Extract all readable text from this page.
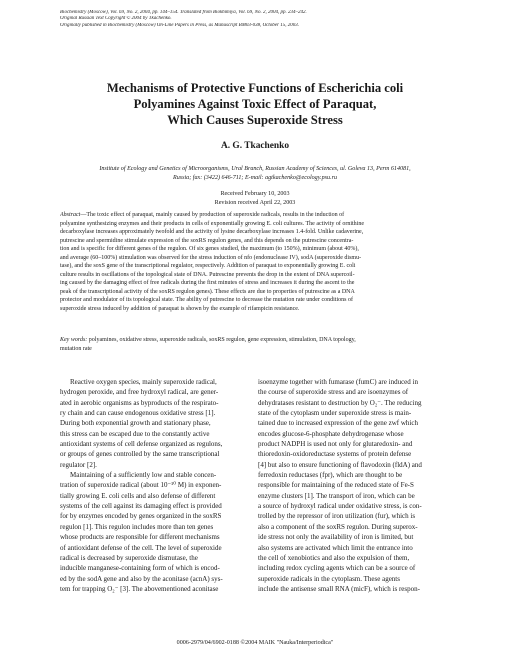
Biochemistry (Moscow), Vol. 69, No. 2, 2004, pp. 144–154. Translated from Biokhimiya, Vol. 69, No. 2, 2004, pp. 234–242.
Original Russian Text Copyright © 2004 by Tkachenko.
Originally published in Biochemistry (Moscow) On-Line Papers in Press, as Manuscript BM03-038, October 15, 2003.
Mechanisms of Protective Functions of Escherichia coli
Polyamines Against Toxic Effect of Paraquat,
Which Causes Superoxide Stress
A. G. Tkachenko
Institute of Ecology and Genetics of Microorganisms, Ural Branch, Russian Academy of Sciences, ul. Goleva 13, Perm 614081,
Russia; fax: (3422) 646-711; E-mail: agtkachenko@ecology.psu.ru
Received February 10, 2003
Revision received April 22, 2003
Abstract—The toxic effect of paraquat, mainly caused by production of superoxide radicals, results in the induction of
polyamine synthesizing enzymes and their products in cells of exponentially growing E. coli cultures. The activity of ornithine
decarboxylase increases approximately twofold and the activity of lysine decarboxylase increases 1.4-fold. Unlike cadaverine,
putrescine and spermidine stimulate expression of the soxRS regulon genes, and this depends on the putrescine concentra-
tion and is specific for different genes of the regulon. Of six genes studied, the maximum (to 150%), minimum (about 40%),
and average (60–100%) stimulation was observed for the stress induction of nfo (endonuclease IV), sodA (superoxide dismu-
tase), and the soxS gene of the transcriptional regulator, respectively. Addition of paraquat to exponentially growing E. coli
culture results in oscillations of the topological state of DNA. Putrescine prevents the drop in the extent of DNA supercoil-
ing caused by the damaging effect of free radicals during the first minutes of stress and increases it during the ascent to the
peak of the transcriptional activity of the soxRS regulon genes). These effects are due to properties of putrescine as a DNA
protector and modulator of its topological state. The ability of putrescine to decrease the mutation rate under conditions of
superoxide stress induced by addition of paraquat is shown by the example of rifampicin resistance.
Key words: polyamines, oxidative stress, superoxide radicals, soxRS regulon, gene expression, stimulation, DNA topology,
mutation rate
Reactive oxygen species, mainly superoxide radical,
hydrogen peroxide, and free hydroxyl radical, are gener-
ated in aerobic organisms as byproducts of the respirato-
ry chain and can cause endogenous oxidative stress [1].
During both exponential growth and stationary phase,
this stress can be escaped due to the constantly active
antioxidant systems of cell defense organized as regulons,
or groups of genes controlled by the same transcriptional
regulator [2].
Maintaining of a sufficiently low and stable concen-
tration of superoxide radical (about 10⁻¹⁰ M) in exponen-
tially growing E. coli cells and also defense of different
systems of the cell against its damaging effect is provided
for by enzymes encoded by genes organized in the soxRS
regulon [1]. This regulon includes more than ten genes
whose products are responsible for different mechanisms
of antioxidant defense of the cell. The level of superoxide
radical is decreased by superoxide dismutase, the
inducible manganese-containing form of which is encod-
ed by the sodA gene and also by the aconitase (acnA) sys-
tem for trapping O₂⁻ [3]. The abovementioned aconitase
isoenzyme together with fumarase (fumC) are induced in
the course of superoxide stress and are isoenzymes of
dehydratases resistant to destruction by O₂⁻. The reducing
state of the cytoplasm under superoxide stress is main-
tained due to increased expression of the gene zwf which
encodes glucose-6-phosphate dehydrogenase whose
product NADPH is used not only for glutaredoxin- and
thioredoxin-oxidoreductase systems of protein defense
[4] but also to ensure functioning of flavodoxin (fldA) and
ferredoxin reductases (fpr), which are thought to be
responsible for maintaining of the reduced state of Fe-S
enzyme clusters [1]. The transport of iron, which can be
a source of hydroxyl radical under oxidative stress, is con-
trolled by the repressor of iron utilization (fur), which is
also a component of the soxRS regulon. During superox-
ide stress not only the availability of iron is limited, but
also systems are activated which limit the entrance into
the cell of xenobiotics and also the expulsion of them,
including redox cycling agents which can be a source of
superoxide radicals in the cytoplasm. These agents
include the antisense small RNA (micF), which is respon-
0006-2979/04/6902-0188 ©2004 MAIK "Nauka/Interperiodica"
